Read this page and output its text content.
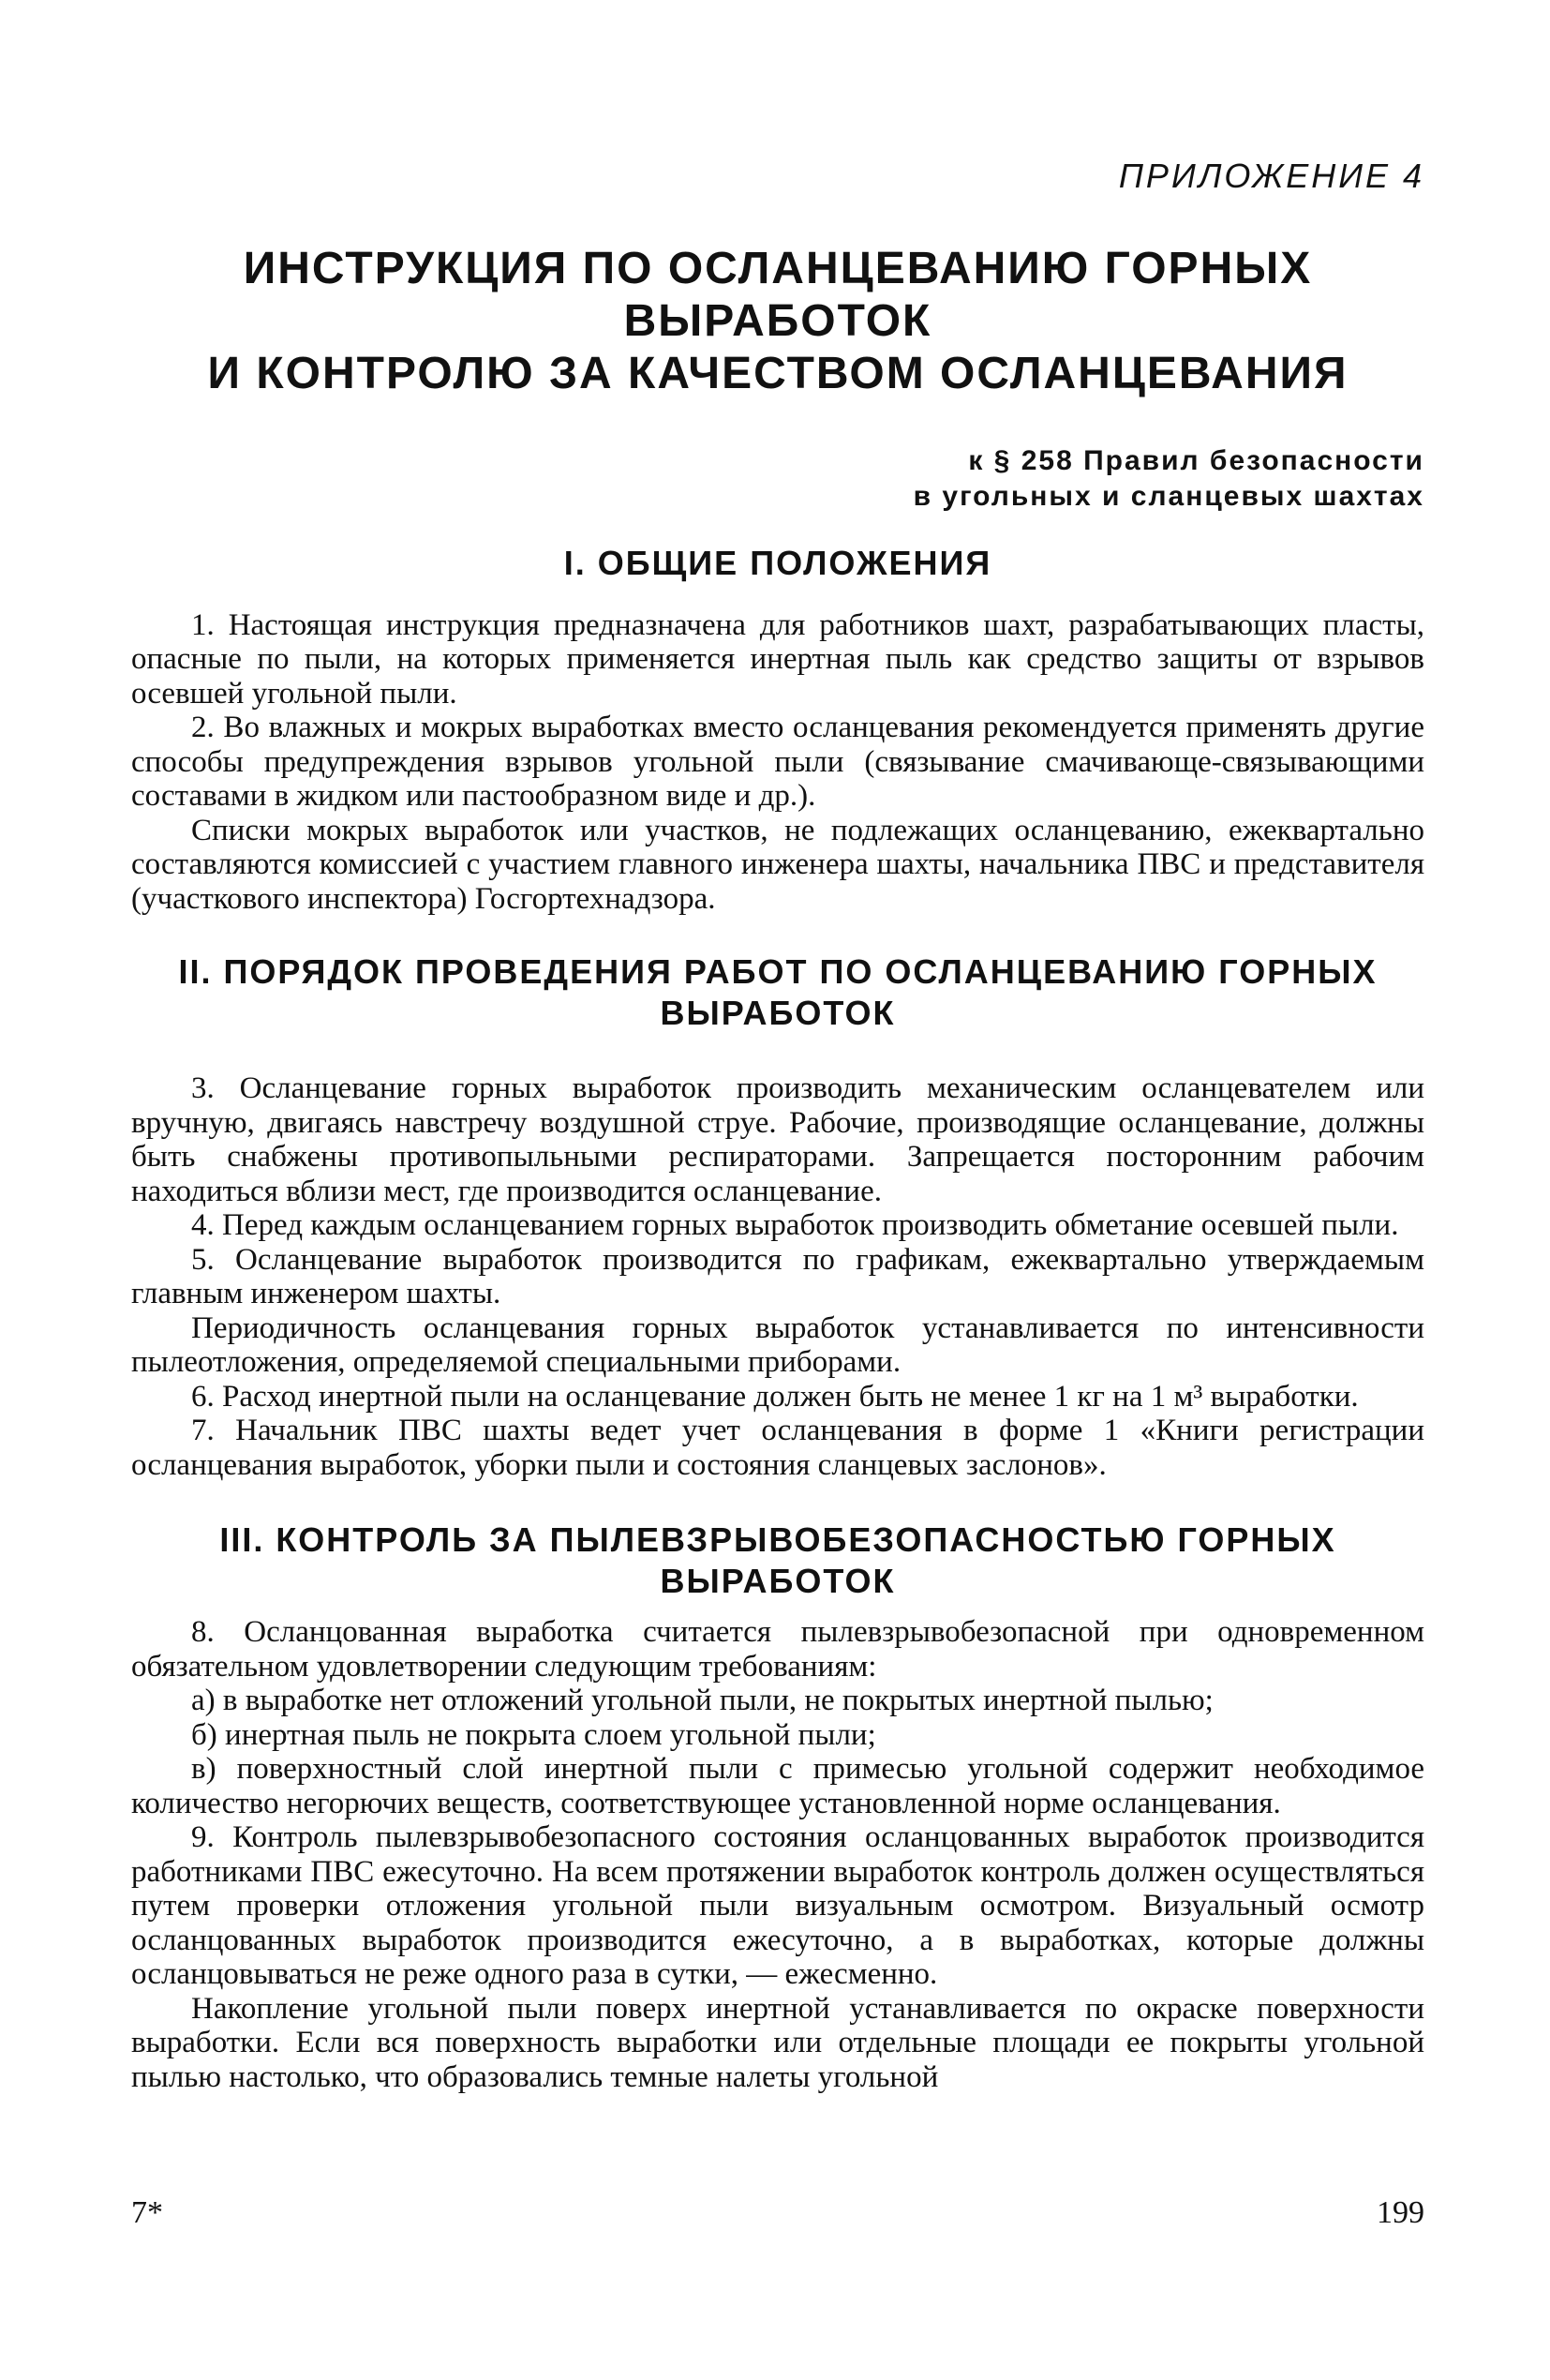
ПРИЛОЖЕНИЕ 4
ИНСТРУКЦИЯ ПО ОСЛАНЦЕВАНИЮ ГОРНЫХ ВЫРАБОТОК
И КОНТРОЛЮ ЗА КАЧЕСТВОМ ОСЛАНЦЕВАНИЯ
к § 258 Правил безопасности
в угольных и сланцевых шахтах
I. ОБЩИЕ ПОЛОЖЕНИЯ

1. Настоящая инструкция предназначена для работников шахт, разрабатывающих пласты, опасные по пыли, на которых применяется инертная пыль как средство защиты от взрывов осевшей угольной пыли.

2. Во влажных и мокрых выработках вместо осланцевания рекомендуется применять другие способы предупреждения взрывов угольной пыли (связывание смачивающе-связывающими составами в жидком или пастообразном виде и др.).

Списки мокрых выработок или участков, не подлежащих осланцеванию, ежеквартально составляются комиссией с участием главного инженера шахты, начальника ПВС и представителя (участкового инспектора) Госгортехнадзора.

II. ПОРЯДОК ПРОВЕДЕНИЯ РАБОТ ПО ОСЛАНЦЕВАНИЮ ГОРНЫХ ВЫРАБОТОК

3. Осланцевание горных выработок производить механическим осланцевателем или вручную, двигаясь навстречу воздушной струе. Рабочие, производящие осланцевание, должны быть снабжены противопыльными респираторами. Запрещается посторонним рабочим находиться вблизи мест, где производится осланцевание.

4. Перед каждым осланцеванием горных выработок производить обметание осевшей пыли.

5. Осланцевание выработок производится по графикам, ежеквартально утверждаемым главным инженером шахты.

Периодичность осланцевания горных выработок устанавливается по интенсивности пылеотложения, определяемой специальными приборами.

6. Расход инертной пыли на осланцевание должен быть не менее 1 кг на 1 м³ выработки.

7. Начальник ПВС шахты ведет учет осланцевания в форме 1 «Книги регистрации осланцевания выработок, уборки пыли и состояния сланцевых заслонов».

III. КОНТРОЛЬ ЗА ПЫЛЕВЗРЫВОБЕЗОПАСНОСТЬЮ ГОРНЫХ ВЫРАБОТОК

8. Осланцованная выработка считается пылевзрывобезопасной при одновременном обязательном удовлетворении следующим требованиям:

а) в выработке нет отложений угольной пыли, не покрытых инертной пылью;

б) инертная пыль не покрыта слоем угольной пыли;

в) поверхностный слой инертной пыли с примесью угольной содержит необходимое количество негорючих веществ, соответствующее установленной норме осланцевания.

9. Контроль пылевзрывобезопасного состояния осланцованных выработок производится работниками ПВС ежесуточно. На всем протяжении выработок контроль должен осуществляться путем проверки отложения угольной пыли визуальным осмотром. Визуальный осмотр осланцованных выработок производится ежесуточно, а в выработках, которые должны осланцовываться не реже одного раза в сутки, — ежесменно.

Накопление угольной пыли поверх инертной устанавливается по окраске поверхности выработки. Если вся поверхность выработки или отдельные площади ее покрыты угольной пылью настолько, что образовались темные налеты угольной

7*	199
